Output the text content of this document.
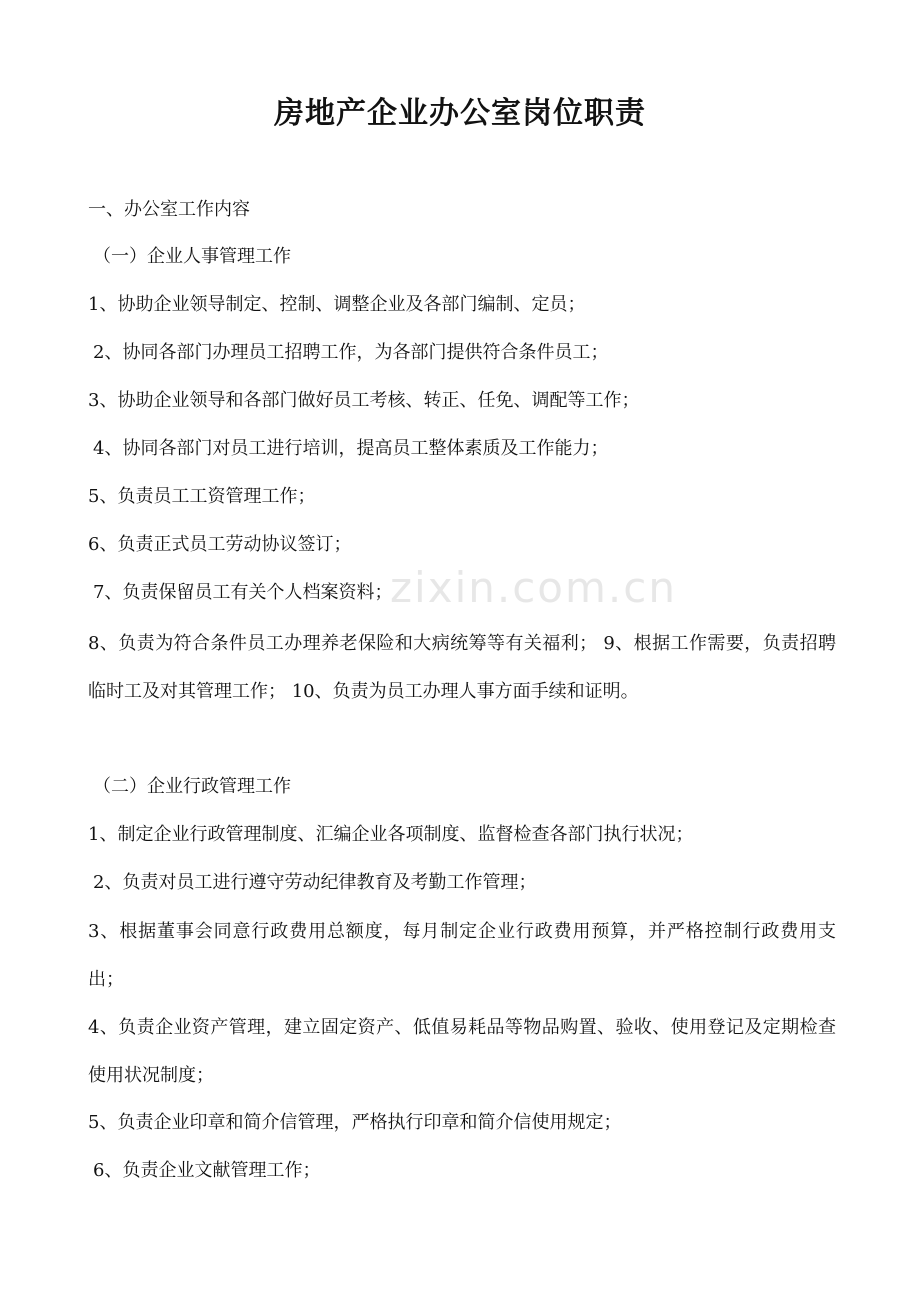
zixin.com.cn
房地产企业办公室岗位职责
一、办公室工作内容
（一）企业人事管理工作
1、协助企业领导制定、控制、调整企业及各部门编制、定员；
2、协同各部门办理员工招聘工作，为各部门提供符合条件员工；
3、协助企业领导和各部门做好员工考核、转正、任免、调配等工作；
4、协同各部门对员工进行培训，提高员工整体素质及工作能力；
5、负责员工工资管理工作；
6、负责正式员工劳动协议签订；
7、负责保留员工有关个人档案资料；
8、负责为符合条件员工办理养老保险和大病统筹等有关福利； 9、根据工作需要，负责招聘临时工及对其管理工作； 10、负责为员工办理人事方面手续和证明。
（二）企业行政管理工作
1、制定企业行政管理制度、汇编企业各项制度、监督检查各部门执行状况；
2、负责对员工进行遵守劳动纪律教育及考勤工作管理；
3、根据董事会同意行政费用总额度，每月制定企业行政费用预算，并严格控制行政费用支出；
4、负责企业资产管理，建立固定资产、低值易耗品等物品购置、验收、使用登记及定期检查使用状况制度；
5、负责企业印章和简介信管理，严格执行印章和简介信使用规定；
6、负责企业文献管理工作；
